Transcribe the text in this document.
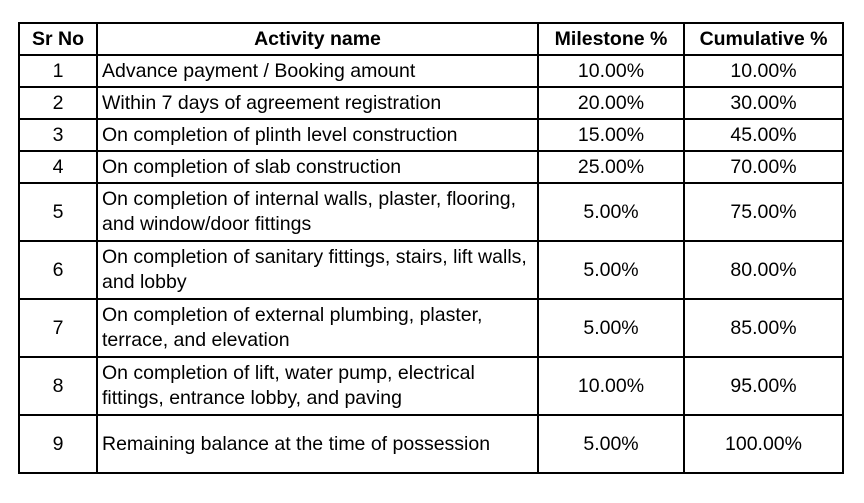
Sr No	Activity name	Milestone %	Cumulative %
1	Advance payment / Booking amount	10.00%	10.00%
2	Within 7 days of agreement registration	20.00%	30.00%
3	On completion of plinth level construction	15.00%	45.00%
4	On completion of slab construction	25.00%	70.00%
5	On completion of internal walls, plaster, flooring, and window/door fittings	5.00%	75.00%
6	On completion of sanitary fittings, stairs, lift walls, and lobby	5.00%	80.00%
7	On completion of external plumbing, plaster, terrace, and elevation	5.00%	85.00%
8	On completion of lift, water pump, electrical fittings, entrance lobby, and paving	10.00%	95.00%
9	Remaining balance at the time of possession	5.00%	100.00%
